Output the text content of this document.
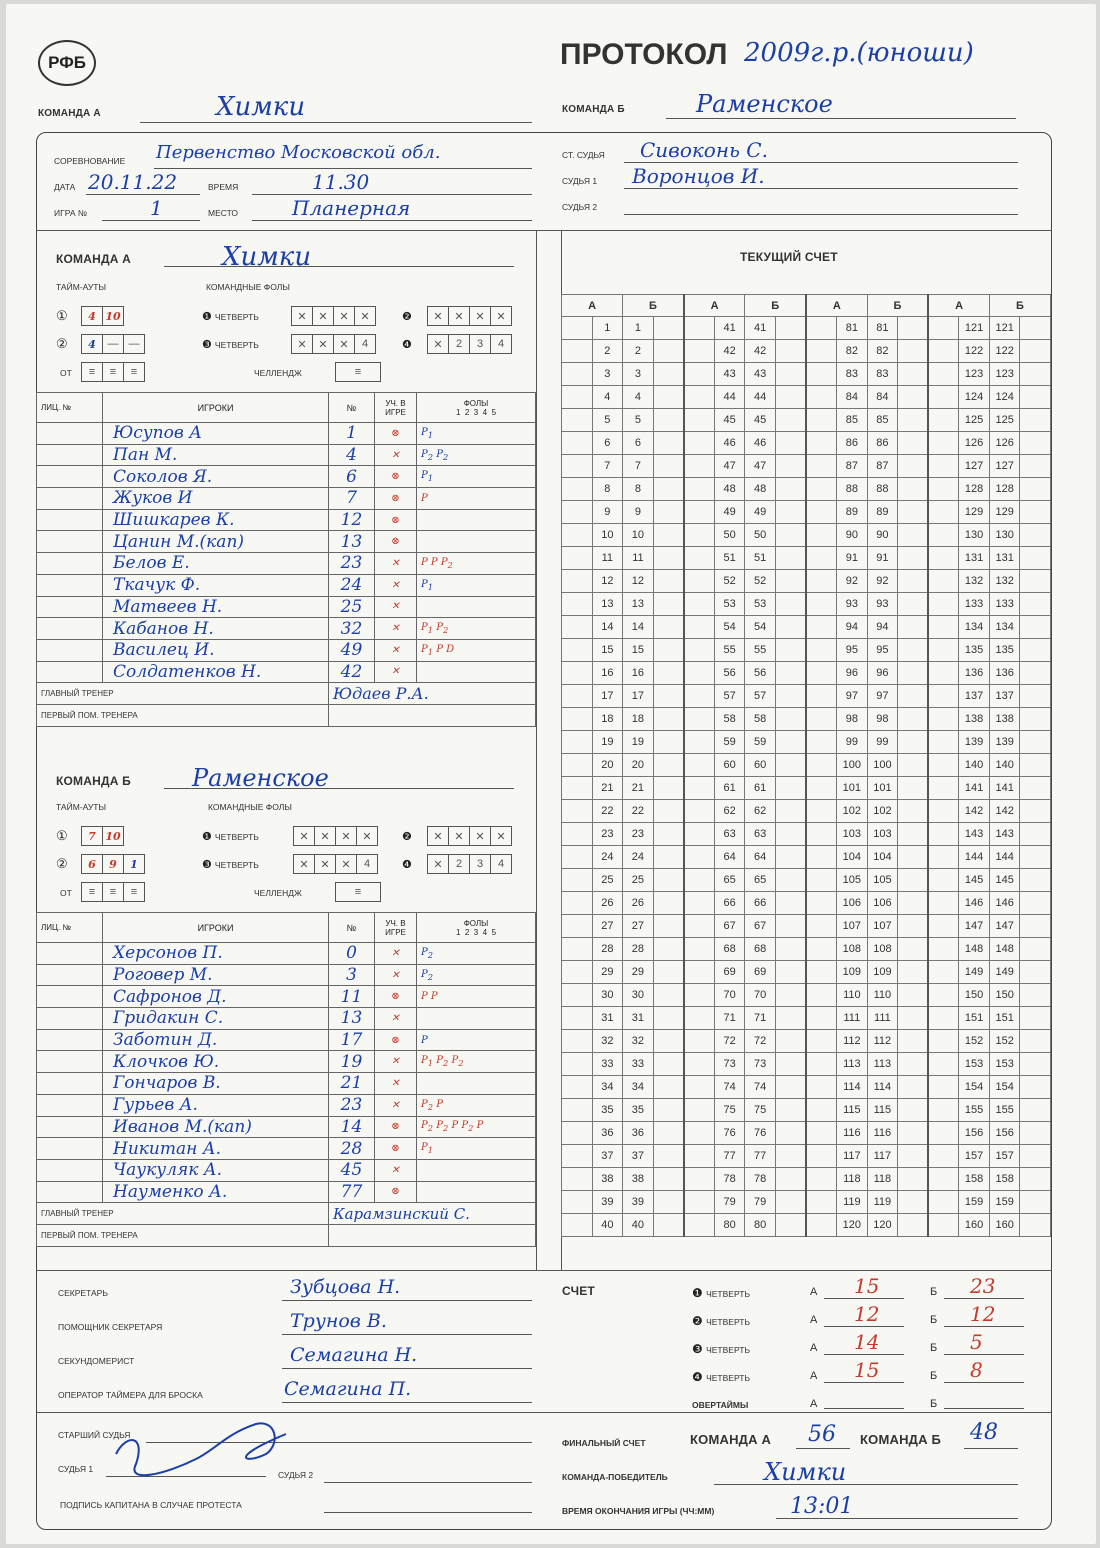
РФБ	ПРОТОКОЛ 2009г.р.(юноши)
КОМАНДА А	Химки	КОМАНДА Б	Раменское
СОРЕВНОВАНИЕ Первенство Московской обл.
ДАТА 20.11.22	ВРЕМЯ	11.30
ИГРА №	1	МЕСТО	Планерная
СТ. СУДЬЯ Сивоконь С.
СУДЬЯ 1 Воронцов И.
СУДЬЯ 2
КОМАНДА А	Химки
ТАЙМ-АУТЫ	КОМАНДНЫЕ ФОЛЫ
① 4 10
② 4	— —
ОТ	≡	≡	≡
❶ ЧЕТВЕРТЬ	✕	✕	✕	✕	❷	✕	✕	✕	✕
❸ ЧЕТВЕРТЬ	✕	✕	✕	4	❹	✕	2	3	4
ЧЕЛЛЕНДЖ	≡
ЛИЦ. №	ИГРОКИ	№	УЧ. В ИГРЕ	ФОЛЫ
1  2  3  4  5
	Юсупов А	1	⊗	$P_1$
	Пан М.	4	✕	$P_2$ $P_2$
	Соколов Я.	6	⊗	$P_1$
	Жуков И	7	⊗	P
	Шишкарев К.	12	⊗	
	Цанин М.(кап)	13	⊗	
	Белов Е.	23	✕	P P $P_2$
	Ткачук Ф.	24	✕	$P_1$
	Матвеев Н.	25	✕	
	Кабанов Н.	32	✕	$P_1$ $P_2$
	Василец И.	49	✕	$P_1$ P D
	Солдатенков Н.	42	✕	
ГЛАВНЫЙ ТРЕНЕР		Юдаев Р.А.		
ПЕРВЫЙ ПОМ. ТРЕНЕРА				
КОМАНДА Б	Раменское
ТАЙМ-АУТЫ	КОМАНДНЫЕ ФОЛЫ
① 7 10
② 6 9 1
ОТ	≡	≡	≡
❶ ЧЕТВЕРТЬ	✕	✕	✕	✕	❷	✕	✕	✕	✕
❸ ЧЕТВЕРТЬ	✕	✕	✕	4	❹	✕	2	3	4
ЧЕЛЛЕНДЖ	≡
ЛИЦ. №	ИГРОКИ	№	УЧ. В ИГРЕ	ФОЛЫ
1  2  3  4  5
	Херсонов П.	0	✕	$P_2$
	Роговер М.	3	✕	$P_2$
	Сафронов Д.	11	⊗	P P
	Гридакин С.	13	✕	
	Заботин Д.	17	⊗	P
	Клочков Ю.	19	✕	$P_1$ $P_2$ $P_2$
	Гончаров В.	21	✕	
	Гурьев А.	23	✕	$P_2$ P
	Иванов М.(кап)	14	⊗	$P_2$ $P_2$ P $P_2$ P
	Никитан А.	28	⊗	$P_1$
	Чаукуляк А.	45	✕	
	Науменко А.	77	⊗	
ГЛАВНЫЙ ТРЕНЕР		Карамзинский С.		
ПЕРВЫЙ ПОМ. ТРЕНЕРА				
ТЕКУЩИЙ СЧЕТ
А		Б		А		Б		А		Б		А		Б	
	1	1			41	41			81	81			121	121	
	2	2			42	42			82	82			122	122	
	3	3			43	43			83	83			123	123	
	4	4			44	44			84	84			124	124	
	5	5			45	45			85	85			125	125	
	6	6			46	46			86	86			126	126	
	7	7			47	47			87	87			127	127	
	8	8			48	48			88	88			128	128	
	9	9			49	49			89	89			129	129	
	10	10			50	50			90	90			130	130	
	11	11			51	51			91	91			131	131	
	12	12			52	52			92	92			132	132	
	13	13			53	53			93	93			133	133	
	14	14			54	54			94	94			134	134	
	15	15			55	55			95	95			135	135	
	16	16			56	56			96	96			136	136	
	17	17			57	57			97	97			137	137	
	18	18			58	58			98	98			138	138	
	19	19			59	59			99	99			139	139	
	20	20			60	60			100	100			140	140	
	21	21			61	61			101	101			141	141	
	22	22			62	62			102	102			142	142	
	23	23			63	63			103	103			143	143	
	24	24			64	64			104	104			144	144	
	25	25			65	65			105	105			145	145	
	26	26			66	66			106	106			146	146	
	27	27			67	67			107	107			147	147	
	28	28			68	68			108	108			148	148	
	29	29			69	69			109	109			149	149	
	30	30			70	70			110	110			150	150	
	31	31			71	71			111	111			151	151	
	32	32			72	72			112	112			152	152	
	33	33			73	73			113	113			153	153	
	34	34			74	74			114	114			154	154	
	35	35			75	75			115	115			155	155	
	36	36			76	76			116	116			156	156	
	37	37			77	77			117	117			157	157	
	38	38			78	78			118	118			158	158	
	39	39			79	79			119	119			159	159	
	40	40			80	80			120	120			160	160	
СЕКРЕТАРЬ	Зубцова Н.
ПОМОЩНИК СЕКРЕТАРЯ	Трунов В.
СЕКУНДОМЕРИСТ	Семагина Н.
ОПЕРАТОР ТАЙМЕРА ДЛЯ БРОСКА	Семагина П.
СТАРШИЙ СУДЬЯ
СУДЬЯ 1
СУДЬЯ 2
ПОДПИСЬ КАПИТАНА В СЛУЧАЕ ПРОТЕСТА
СЧЕТ	❶ ЧЕТВЕРТЬ	А 15	Б 23
❷ ЧЕТВЕРТЬ	А 12	Б 12
❸ ЧЕТВЕРТЬ	А 14	Б 5
❹ ЧЕТВЕРТЬ	А 15	Б 8
ОВЕРТАЙМЫ	А	Б
ФИНАЛЬНЫЙ СЧЕТ	КОМАНДА А 56 КОМАНДА Б 48
КОМАНДА-ПОБЕДИТЕЛЬ	Химки
ВРЕМЯ ОКОНЧАНИЯ ИГРЫ (ЧЧ:ММ)	13:01
